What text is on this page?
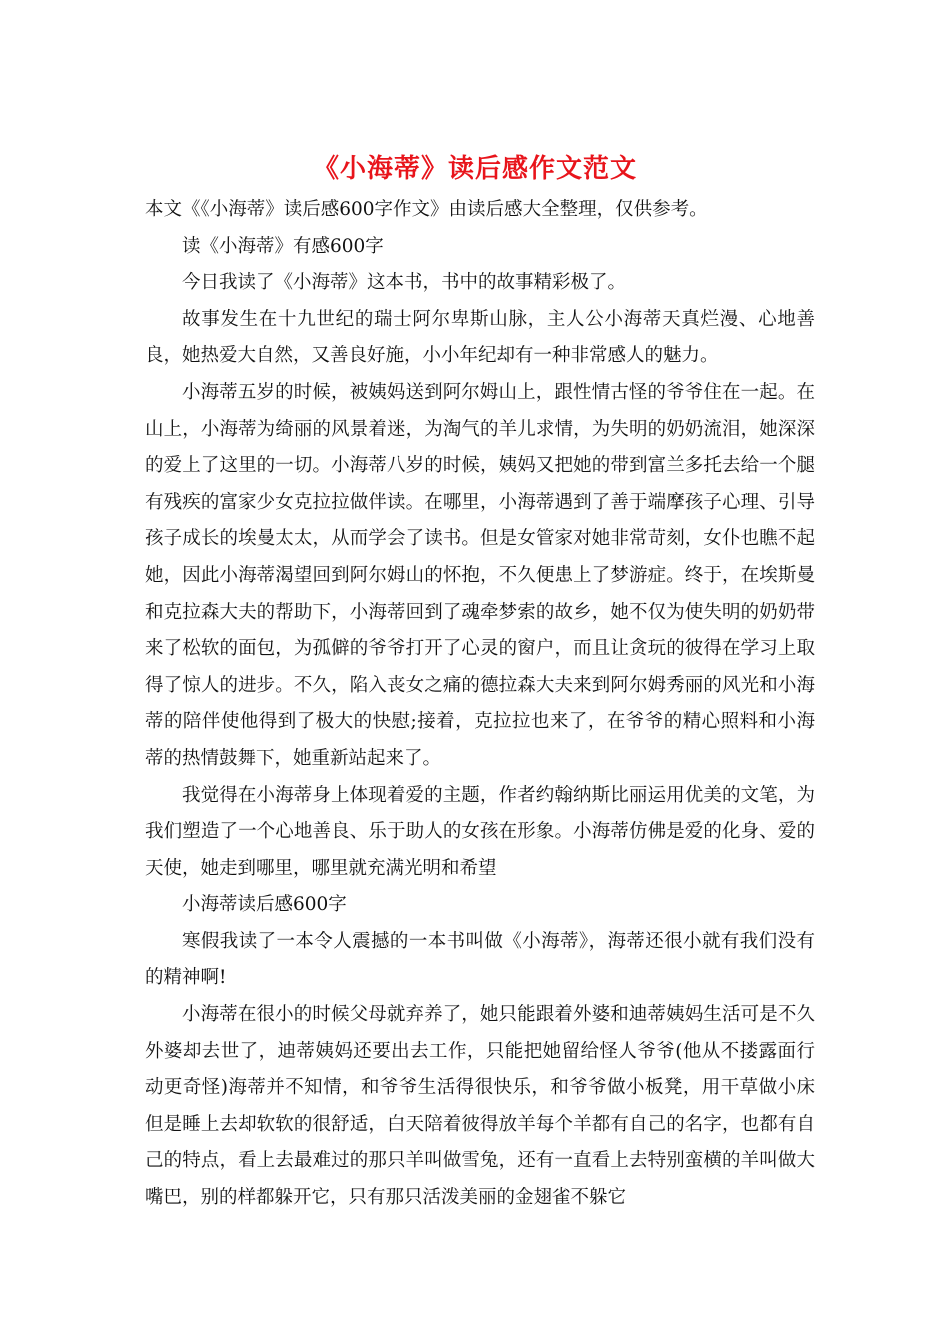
《小海蒂》读后感作文范文

本文《《小海蒂》读后感600字作文》由读后感大全整理，仅供参考。

读《小海蒂》有感600字

今日我读了《小海蒂》这本书，书中的故事精彩极了。

故事发生在十九世纪的瑞士阿尔卑斯山脉，主人公小海蒂天真烂漫、心地善良，她热爱大自然，又善良好施，小小年纪却有一种非常感人的魅力。

小海蒂五岁的时候，被姨妈送到阿尔姆山上，跟性情古怪的爷爷住在一起。在山上，小海蒂为绮丽的风景着迷，为淘气的羊儿求情，为失明的奶奶流泪，她深深的爱上了这里的一切。小海蒂八岁的时候，姨妈又把她的带到富兰多托去给一个腿有残疾的富家少女克拉拉做伴读。在哪里，小海蒂遇到了善于端摩孩子心理、引导孩子成长的埃曼太太，从而学会了读书。但是女管家对她非常苛刻，女仆也瞧不起她，因此小海蒂渴望回到阿尔姆山的怀抱，不久便患上了梦游症。终于，在埃斯曼和克拉森大夫的帮助下，小海蒂回到了魂牵梦索的故乡，她不仅为使失明的奶奶带来了松软的面包，为孤僻的爷爷打开了心灵的窗户，而且让贪玩的彼得在学习上取得了惊人的进步。不久，陷入丧女之痛的德拉森大夫来到阿尔姆秀丽的风光和小海蒂的陪伴使他得到了极大的快慰;接着，克拉拉也来了，在爷爷的精心照料和小海蒂的热情鼓舞下，她重新站起来了。

我觉得在小海蒂身上体现着爱的主题，作者约翰纳斯比丽运用优美的文笔，为我们塑造了一个心地善良、乐于助人的女孩在形象。小海蒂仿佛是爱的化身、爱的天使，她走到哪里，哪里就充满光明和希望

小海蒂读后感600字

寒假我读了一本令人震撼的一本书叫做《小海蒂》，海蒂还很小就有我们没有的精神啊!

小海蒂在很小的时候父母就弃养了，她只能跟着外婆和迪蒂姨妈生活可是不久外婆却去世了，迪蒂姨妈还要出去工作，只能把她留给怪人爷爷(他从不搂露面行动更奇怪)海蒂并不知情，和爷爷生活得很快乐，和爷爷做小板凳，用干草做小床但是睡上去却软软的很舒适，白天陪着彼得放羊每个羊都有自己的名字，也都有自己的特点，看上去最难过的那只羊叫做雪兔，还有一直看上去特别蛮横的羊叫做大嘴巴，别的样都躲开它，只有那只活泼美丽的金翅雀不躲它
